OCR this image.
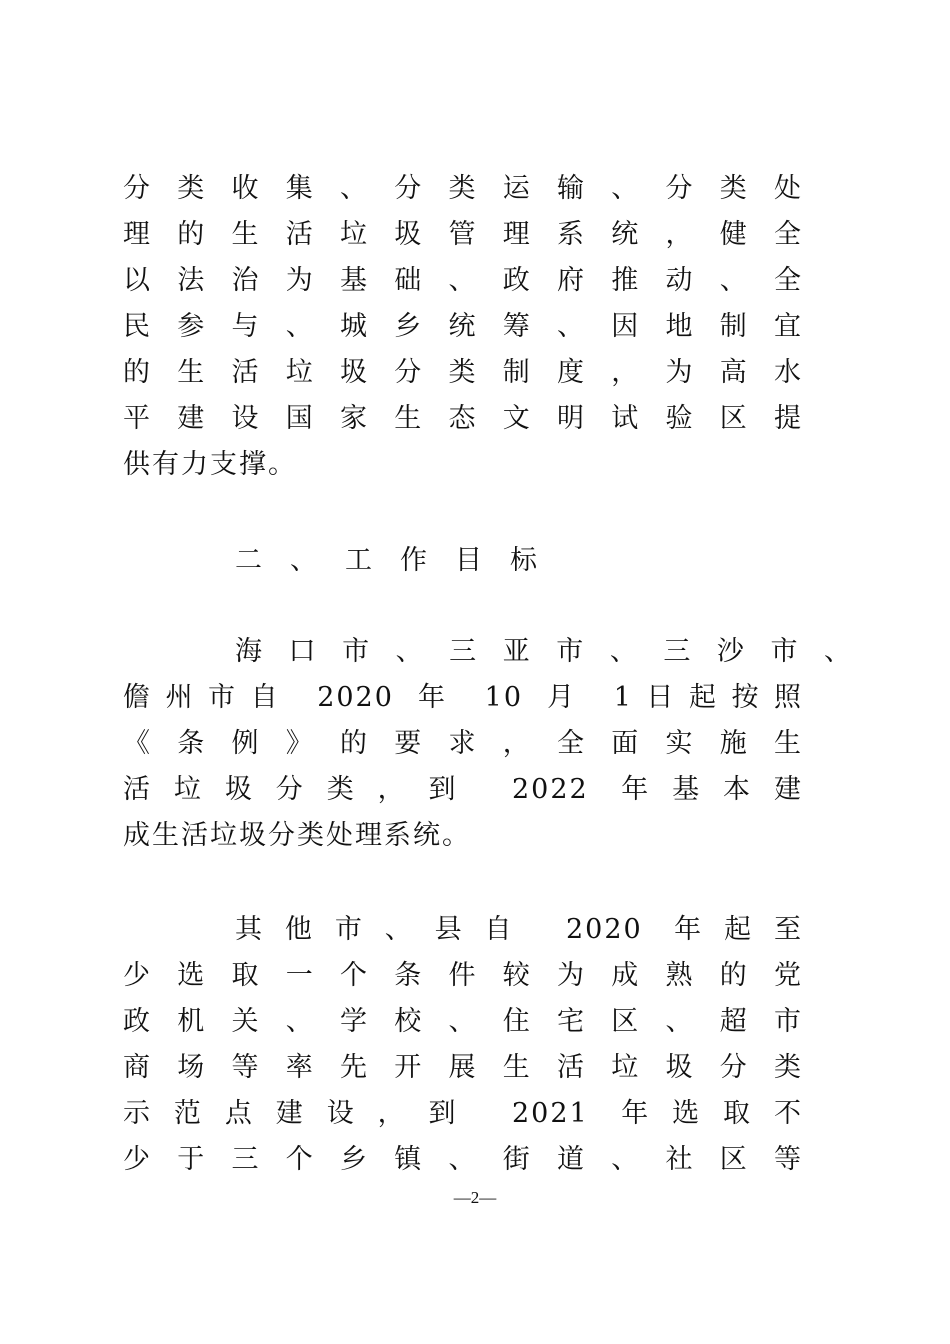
分类收集、分类运输、分类处
理的生活垃圾管理系统，健全
以法治为基础、政府推动、全
民参与、城乡统筹、因地制宜
的生活垃圾分类制度，为高水
平建设国家生态文明试验区提
供有力支撑。
二 、 工 作 目 标
海口市、三亚市、三沙市、
儋州市自 2020 年 10 月 1日起按照
《条例》的要求，全面实施生
活垃圾分类，到 2022 年基本建
成生活垃圾分类处理系统。
其他市、县自 2020 年起至
少选取一个条件较为成熟的党
政机关、学校、住宅区、超市
商场等率先开展生活垃圾分类
示范点建设，到 2021 年选取不
少于三个乡镇、街道、社区等
—2—
